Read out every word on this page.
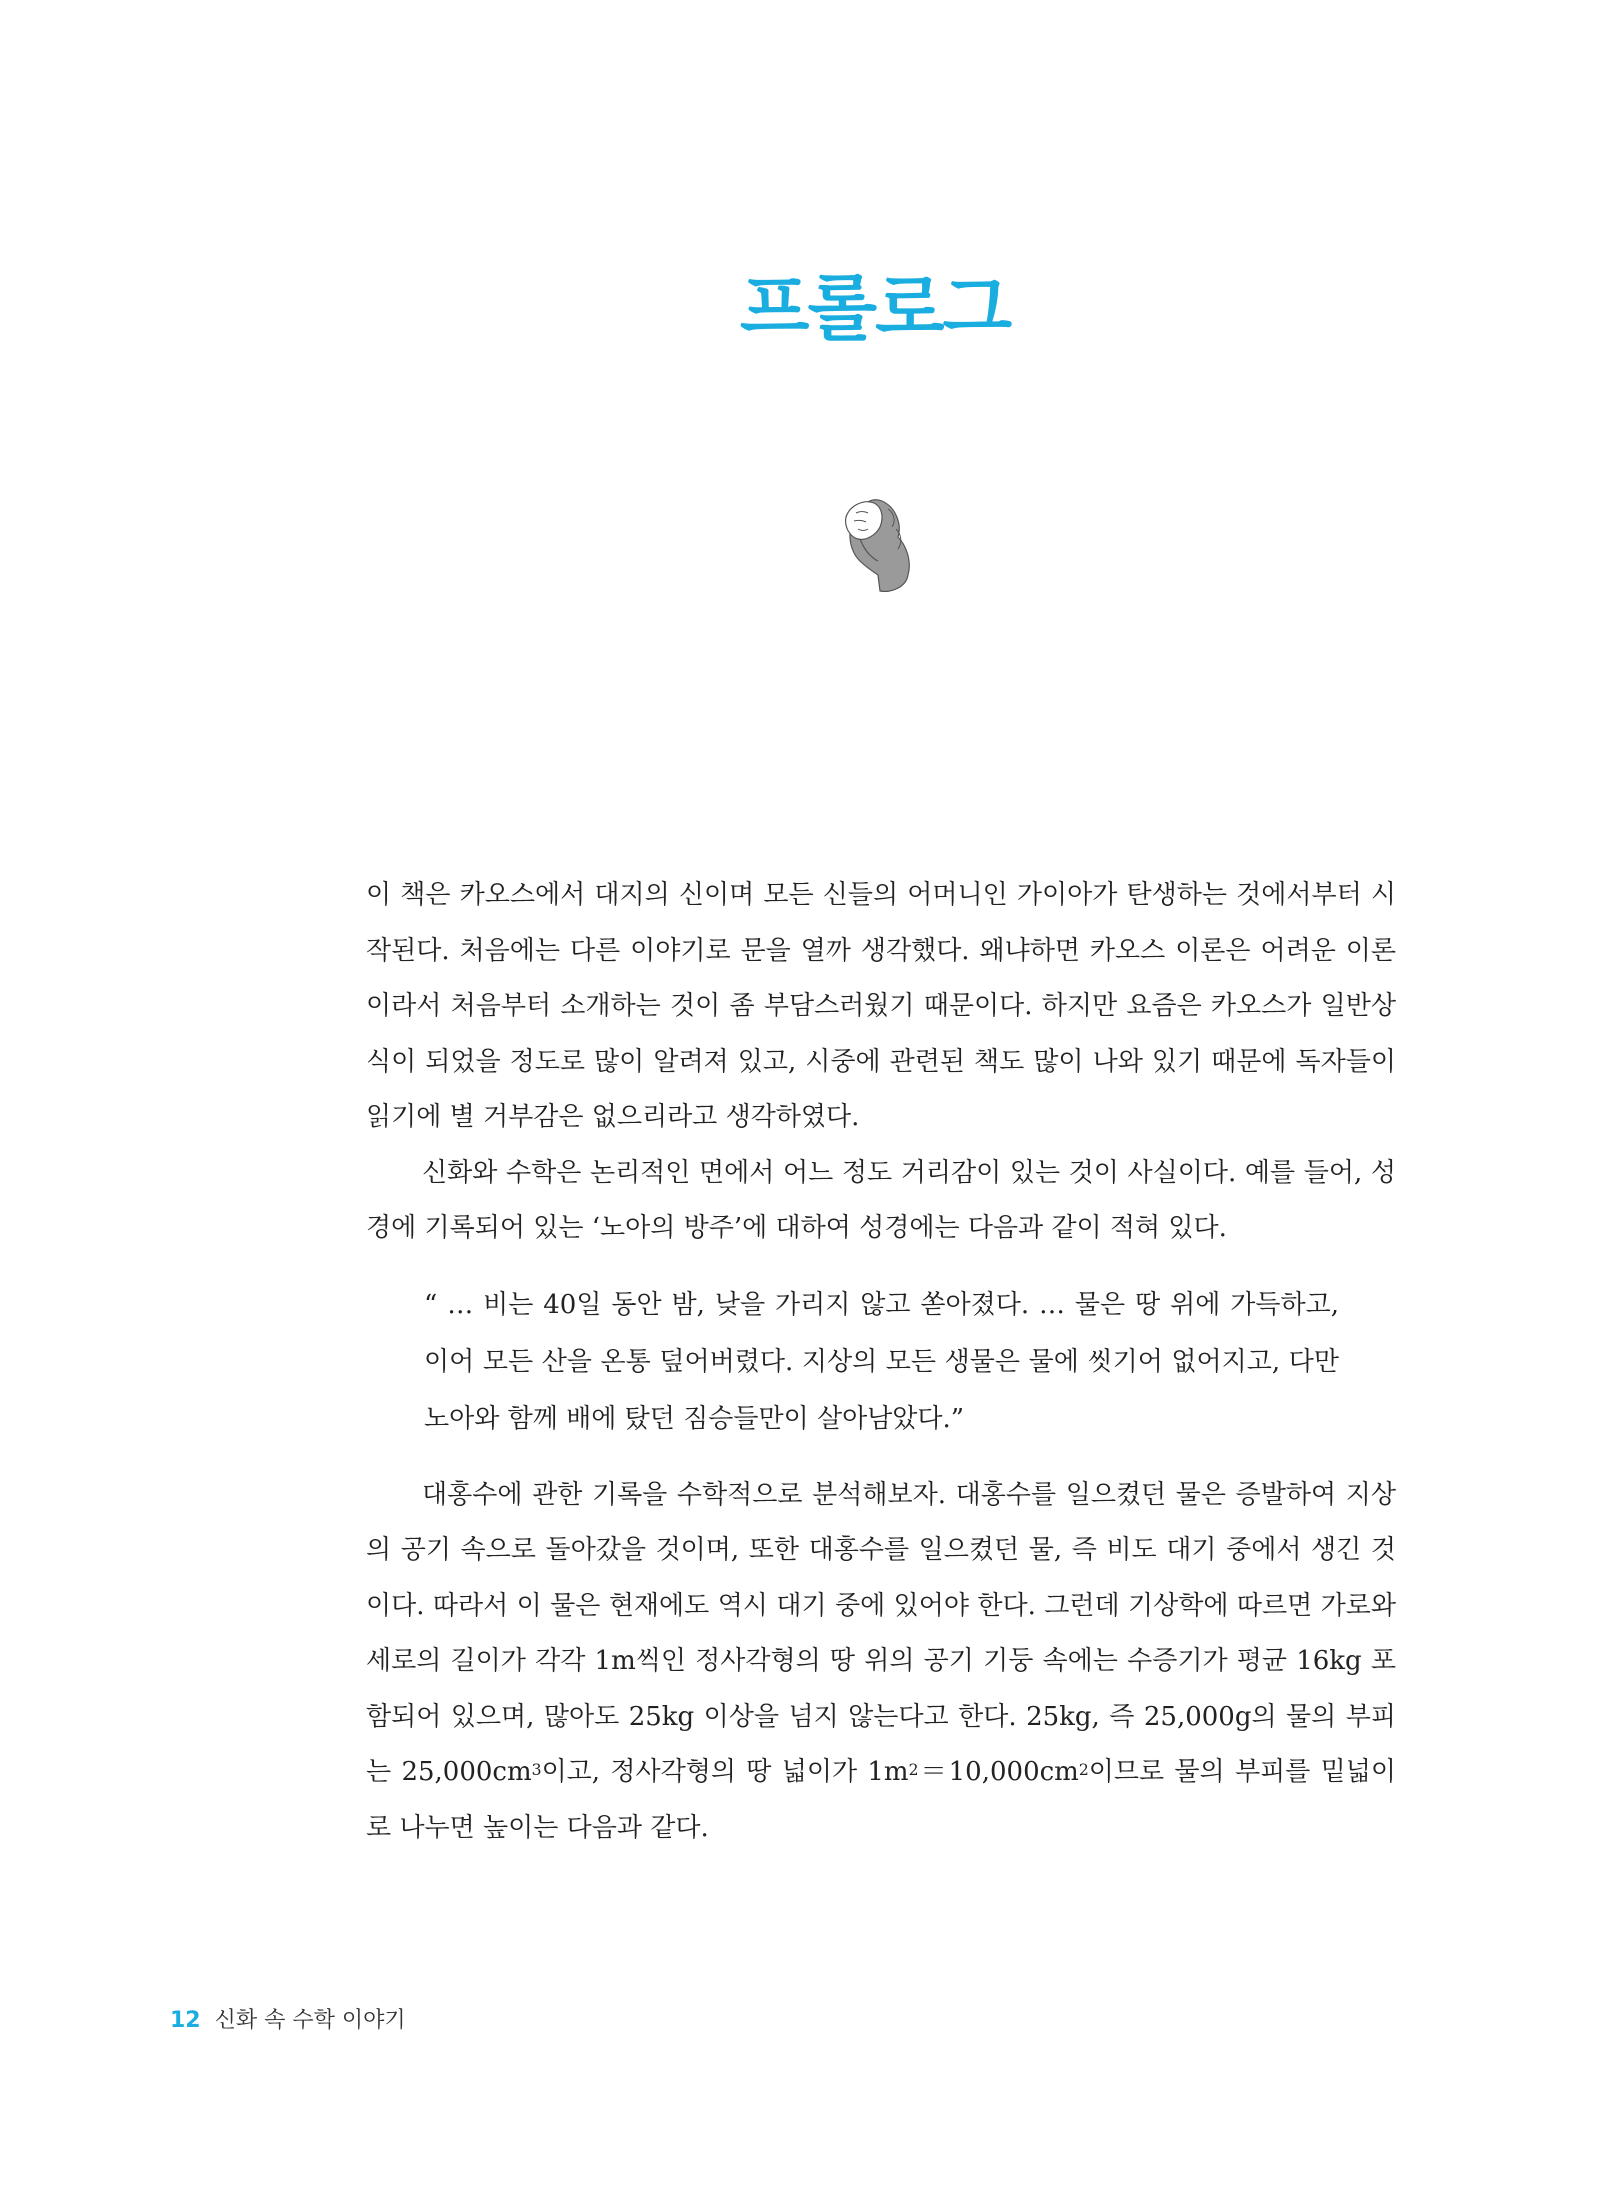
프롤로그

이 책은 카오스에서 대지의 신이며 모든 신들의 어머니인 가이아가 탄생하는 것에서부터 시작된다. 처음에는 다른 이야기로 문을 열까 생각했다. 왜냐하면 카오스 이론은 어려운 이론이라서 처음부터 소개하는 것이 좀 부담스러웠기 때문이다. 하지만 요즘은 카오스가 일반상식이 되었을 정도로 많이 알려져 있고, 시중에 관련된 책도 많이 나와 있기 때문에 독자들이 읽기에 별 거부감은 없으리라고 생각하였다.

신화와 수학은 논리적인 면에서 어느 정도 거리감이 있는 것이 사실이다. 예를 들어, 성경에 기록되어 있는 ‘노아의 방주’에 대하여 성경에는 다음과 같이 적혀 있다.

“ … 비는 40일 동안 밤, 낮을 가리지 않고 쏟아졌다. … 물은 땅 위에 가득하고, 이어 모든 산을 온통 덮어버렸다. 지상의 모든 생물은 물에 씻기어 없어지고, 다만 노아와 함께 배에 탔던 짐승들만이 살아남았다.”

대홍수에 관한 기록을 수학적으로 분석해보자. 대홍수를 일으켰던 물은 증발하여 지상의 공기 속으로 돌아갔을 것이며, 또한 대홍수를 일으켰던 물, 즉 비도 대기 중에서 생긴 것이다. 따라서 이 물은 현재에도 역시 대기 중에 있어야 한다. 그런데 기상학에 따르면 가로와 세로의 길이가 각각 1m씩인 정사각형의 땅 위의 공기 기둥 속에는 수증기가 평균 16kg 포함되어 있으며, 많아도 25kg 이상을 넘지 않는다고 한다. 25kg, 즉 25,000g의 물의 부피는 $25,000cm^3$이고, 정사각형의 땅 넓이가 $1m^2=10,000cm^2$이므로 물의 부피를 밑넓이로 나누면 높이는 다음과 같다.

12 신화 속 수학 이야기
